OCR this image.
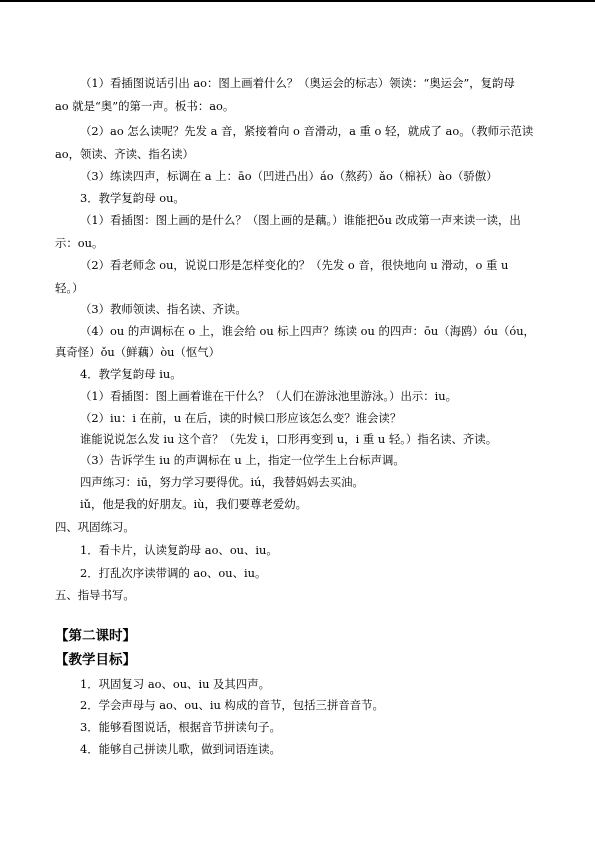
（1）看插图说话引出 ao：图上画着什么？（奥运会的标志）领读：“奥运会”，复韵母
ao 就是“奥”的第一声。板书：ao。
（2）ao 怎么读呢？先发 a 音，紧接着向 o 音滑动，a 重 o 轻，就成了 ao。（教师示范读
ao，领读、齐读、指名读）
（3）练读四声，标调在 a 上：āo（凹进凸出）áo（熬药）ǎo（棉袄）ào（骄傲）
3．教学复韵母 ou。
（1）看插图：图上画的是什么？（图上画的是藕。）谁能把ǒu 改成第一声来读一读，出
示：ou。
（2）看老师念 ou，说说口形是怎样变化的？（先发 o 音，很快地向 u 滑动，o 重 u
轻。）
（3）教师领读、指名读、齐读。
（4）ou 的声调标在 o 上，谁会给 ou 标上四声？练读 ou 的四声：ōu（海鸥）óu（óu，
真奇怪）ǒu（鲜藕）òu（怄气）
4．教学复韵母 iu。
（1）看插图：图上画着谁在干什么？（人们在游泳池里游泳。）出示：iu。
（2）iu：i 在前，u 在后，读的时候口形应该怎么变？谁会读？
谁能说说怎么发 iu 这个音？（先发 i，口形再变到 u，i 重 u 轻。）指名读、齐读。
（3）告诉学生 iu 的声调标在 u 上，指定一位学生上台标声调。
四声练习：iū，努力学习要得优。iú，我替妈妈去买油。
iǔ，他是我的好朋友。iù，我们要尊老爱幼。
四、巩固练习。
1．看卡片，认读复韵母 ao、ou、iu。
2．打乱次序读带调的 ao、ou、iu。
五、指导书写。
【第二课时】
【教学目标】
1．巩固复习 ao、ou、iu 及其四声。
2．学会声母与 ao、ou、iu 构成的音节，包括三拼音音节。
3．能够看图说话，根据音节拼读句子。
4．能够自己拼读儿歌，做到词语连读。
